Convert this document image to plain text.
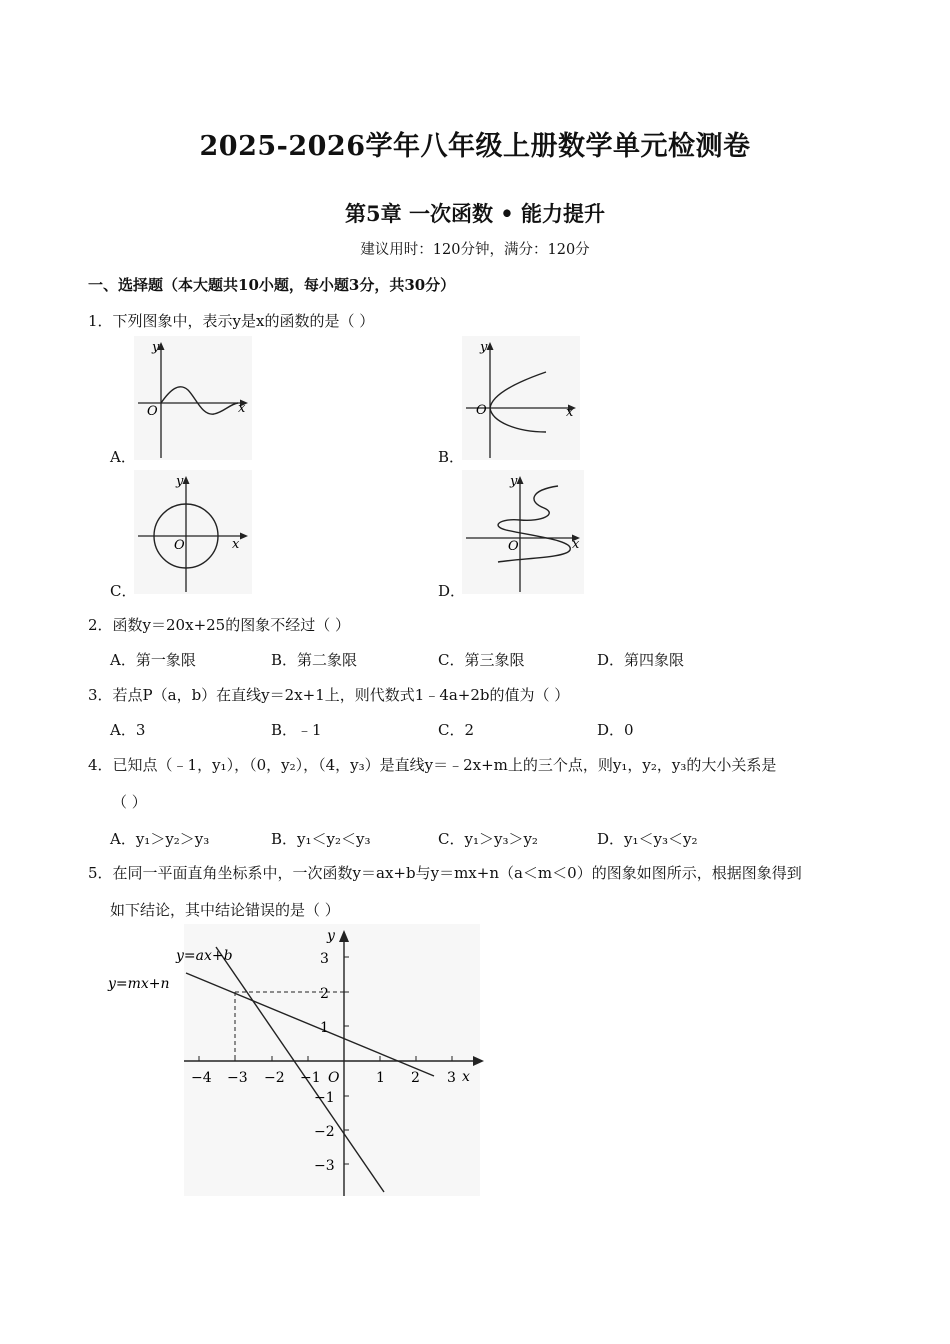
2025-2026学年八年级上册数学单元检测卷
第5章 一次函数 • 能力提升
建议用时：120分钟，满分：120分
一、选择题（本大题共10小题，每小题3分，共30分）
1．下列图象中，表示y是x的函数的是（ ）
y
x
O
A．
y
x
O
B．
y
x
O
C．
y
x
O
D．
2．函数y＝20x+25的图象不经过（ ）
A．第一象限	B．第二象限	C．第三象限	D．第四象限
3．若点P（a，b）在直线y＝2x+1上，则代数式1﹣4a+2b的值为（ ）
A．3	B．﹣1	C．2	D．0
4．已知点（﹣1，y₁），（0，y₂），（4，y₃）是直线y＝﹣2x+m上的三个点，则y₁，y₂，y₃的大小关系是
（ ）
A．y₁＞y₂＞y₃	B．y₁＜y₂＜y₃	C．y₁＞y₃＞y₂	D．y₁＜y₃＜y₂
5．在同一平面直角坐标系中，一次函数y＝ax+b与y＝mx+n（a＜m＜0）的图象如图所示，根据图象得到
如下结论，其中结论错误的是（ ）
y=ax+b
y=mx+n
y
x
O
−4 −3 −2 −1	1 2 3
3
2
1
−1
−2
−3
